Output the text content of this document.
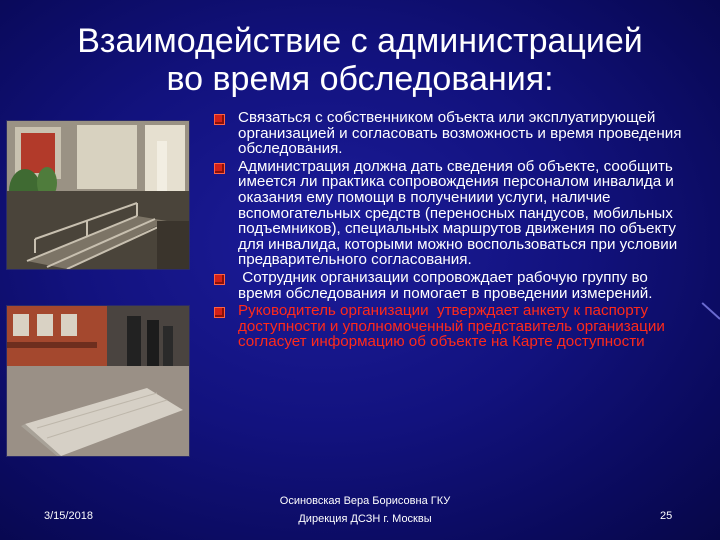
Взаимодействие с администрацией
во время обследования:
Связаться с собственником объекта или эксплуатирующей организацией и согласовать возможность и время проведения обследования.
Администрация должна дать сведения об объекте, сообщить имеется ли практика сопровождения персоналом инвалида и оказания ему помощи в получениии услуги, наличие вспомогательных средств (переносных пандусов, мобильных подъемников), специальных маршрутов движения по объекту для инвалида, которыми можно воспользоваться при условии предварительного согласования.
Сотрудник организации сопровождает рабочую группу во время обследования и помогает в проведении измерений.
Руководитель организации  утверждает анкету к паспорту доступности и уполномоченный представитель организации согласует информацию об объекте на Карте доступности
3/15/2018
Осиновская Вера Борисовна ГКУ
Дирекция ДСЗН г. Москвы	25
